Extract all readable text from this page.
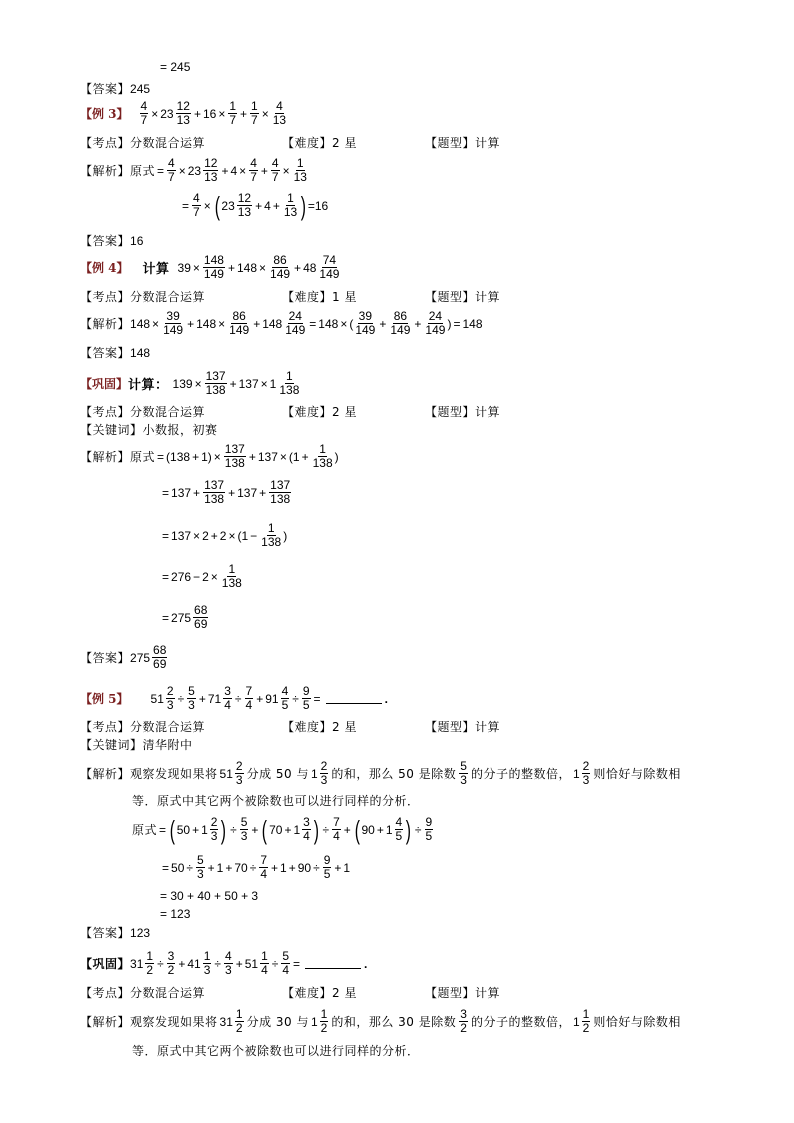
= 245
【答案】 245
【例 3】 $\frac{4}{7} \times 23 \frac{12}{13} + 16 \times \frac{1}{7} + \frac{1}{7} \times \frac{4}{13}$
【考点】 分数混合运算	【难度】 2 星	【题型】 计算
【解析】 原式 = $\frac{4}{7} \times 23 \frac{12}{13} + 4 \times \frac{4}{7} + \frac{4}{7} \times \frac{1}{13}$
= $\frac{4}{7}$ × ( $23 \frac{12}{13} + 4 + \frac{1}{13}$ ) = 16
【答案】 16
【例 4】 计算 $39 \times \frac{148}{149} + 148 \times \frac{86}{149} + 48 \frac{74}{149}$
【考点】 分数混合运算	【难度】 1 星	【题型】 计算
【解析】 $148 \times \frac{39}{149} + 148 \times \frac{86}{149} + 148 \frac{24}{149} = 148$ × ( $\frac{39}{149} + \frac{86}{149} + \frac{24}{149}$ ) = 148
【答案】 148
【巩固】 计算： $139 \times \frac{137}{138} + 137 \times 1 \frac{1}{138}$
【考点】 分数混合运算	【难度】 2 星	【题型】 计算
【关键词】 小数报，初赛
【解析】 原式 = ( 138 + 1 ) × $\frac{137}{138} + 137$ × ( $1 + \frac{1}{138}$ )
= $137 + \frac{137}{138} + 137 + \frac{137}{138}$
= 137 × 2 + 2 × ( $1 - \frac{1}{138}$ )
= $276 - 2 \times \frac{1}{138}$
= $275 \frac{68}{69}$
【答案】 $275 \frac{68}{69}$
【例 5】 $51 \frac{2}{3} \div \frac{5}{3} + 71 \frac{3}{4} \div \frac{7}{4} + 91 \frac{4}{5} \div \frac{9}{5}$ =	.
【考点】 分数混合运算	【难度】 2 星	【题型】 计算
【关键词】 清华附中
【解析】 观察发现如果将 $51 \frac{2}{3}$ 分成 50 与 $1 \frac{2}{3}$ 的和，那么 50 是除数 $\frac{5}{3}$ 的分子的整数倍， $1 \frac{2}{3}$ 则恰好与除数相
等．原式中其它两个被除数也可以进行同样的分析．
原式 = ( $50 + 1 \frac{2}{3}$ ) ÷ $\frac{5}{3}$ + ( $70 + 1 \frac{3}{4}$ ) ÷ $\frac{7}{4}$ + ( $90 + 1 \frac{4}{5}$ ) ÷ $\frac{9}{5}$
= $50 \div \frac{5}{3} + 1 + 70 \div \frac{7}{4} + 1 + 90 \div \frac{9}{5} + 1$
= 30 + 40 + 50 + 3
= 123
【答案】 123
【巩固】 $31 \frac{1}{2} \div \frac{3}{2} + 41 \frac{1}{3} \div \frac{4}{3} + 51 \frac{1}{4} \div \frac{5}{4}$ =	.
【考点】 分数混合运算	【难度】 2 星	【题型】 计算
【解析】 观察发现如果将 $31 \frac{1}{2}$ 分成 30 与 $1 \frac{1}{2}$ 的和，那么 30 是除数 $\frac{3}{2}$ 的分子的整数倍， $1 \frac{1}{2}$ 则恰好与除数相
等．原式中其它两个被除数也可以进行同样的分析．
